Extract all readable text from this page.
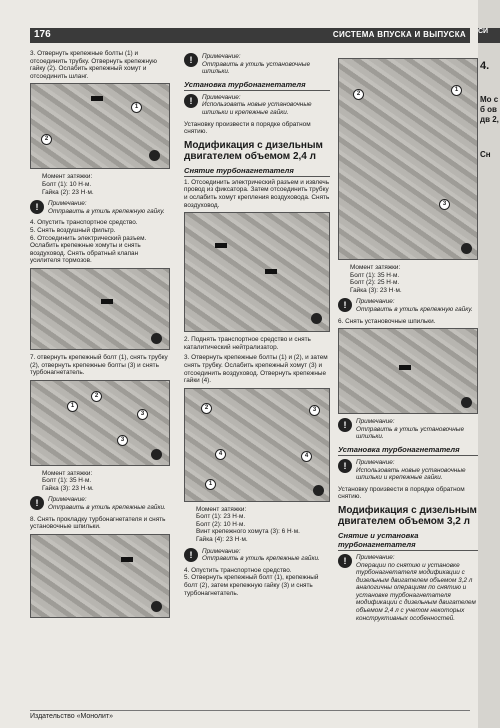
176	СИСТЕМА ВПУСКА И ВЫПУСКА СИ
4.
Мо с б ов дв 2,
Сн

3. Отвернуть крепежные болты (1) и отсоединить трубку. Отвернуть крепежную гайку (2). Ослабить крепежный хомут и отсоединить шланг.

1
2
Момент затяжки:
Болт (1): 10 Н·м.
Гайка (2): 23 Н·м.
!	Примечание:
Отправить в утиль крепежную гайку.

4. Опустить транспортное средство.

5. Снять воздушный фильтр.

6. Отсоединить электрический разъем. Ослабить крепежные хомуты и снять воздуховод. Снять обратный клапан усилителя тормозов.

7. отвернуть крепежный болт (1), снять трубку (2), отвернуть крепежные болты (3) и снять турбонагнетатель.

1
2
3
3
Момент затяжки:
Болт (1): 35 Н·м.
Гайка (3): 23 Н·м.
!	Примечание:
Отправить в утиль крепежные гайки.

8. Снять прокладку турбонагнетателя и снять установочные шпильки.

!	Примечание:
Отправить в утиль установочные шпильки.
Установка турбонагнетателя
!	Примечание:
Использовать новые установочные шпильки и крепежные гайки.

Установку произвести в порядке обратном снятию.

Модификация с дизельным двигателем объемом 2,4 л
Снятие турбонагнетателя

1. Отсоединить электрический разъем и извлечь провод из фиксатора. Затем отсоединить трубку и ослабить хомут крепления воздуховода. Снять воздуховод.

2. Поднять транспортное средство и снять каталитический нейтрализатор.

3. Отвернуть крепежные болты (1) и (2), и затем снять трубку. Ослабить крепежный хомут (3) и отсоединить воздуховод. Отвернуть крепежные гайки (4).

2	3
4
1
4
Момент затяжки:
Болт (1): 23 Н·м.
Болт (2): 10 Н·м.
Винт крепежного хомута (3): 6 Н·м.
Гайка (4): 23 Н·м.
!	Примечание:
Отправить в утиль крепежные гайки.

4. Опустить транспортное средство.

5. Отвернуть крепежный болт (1), крепежный болт (2), затем крепежную гайку (3) и снять турбонагнетатель.

2
1
3
Момент затяжки:
Болт (1): 35 Н·м.
Болт (2): 25 Н·м.
Гайка (3): 23 Н·м.
!	Примечание:
Отправить в утиль крепежную гайку.

6. Снять установочные шпильки.

!	Примечание:
Отправить в утиль установочные шпильки.
Установка турбонагнетателя
!	Примечание:
Использовать новые установочные шпильки и крепежные гайки.

Установку произвести в порядке обратном снятию.

Модификация с дизельным двигателем объемом 3,2 л
Снятие и установка турбонагнетателя
!	Примечание:
Операции по снятию и установке турбонагнетателя модификации с дизельным двигателем объемом 3,2 л аналогичны операциям по снятию и установке турбонагнетателя модификации с дизельным двигателем объемом 2,4 л с учетом некоторых конструктивных особенностей.
Издательство «Монолит»
